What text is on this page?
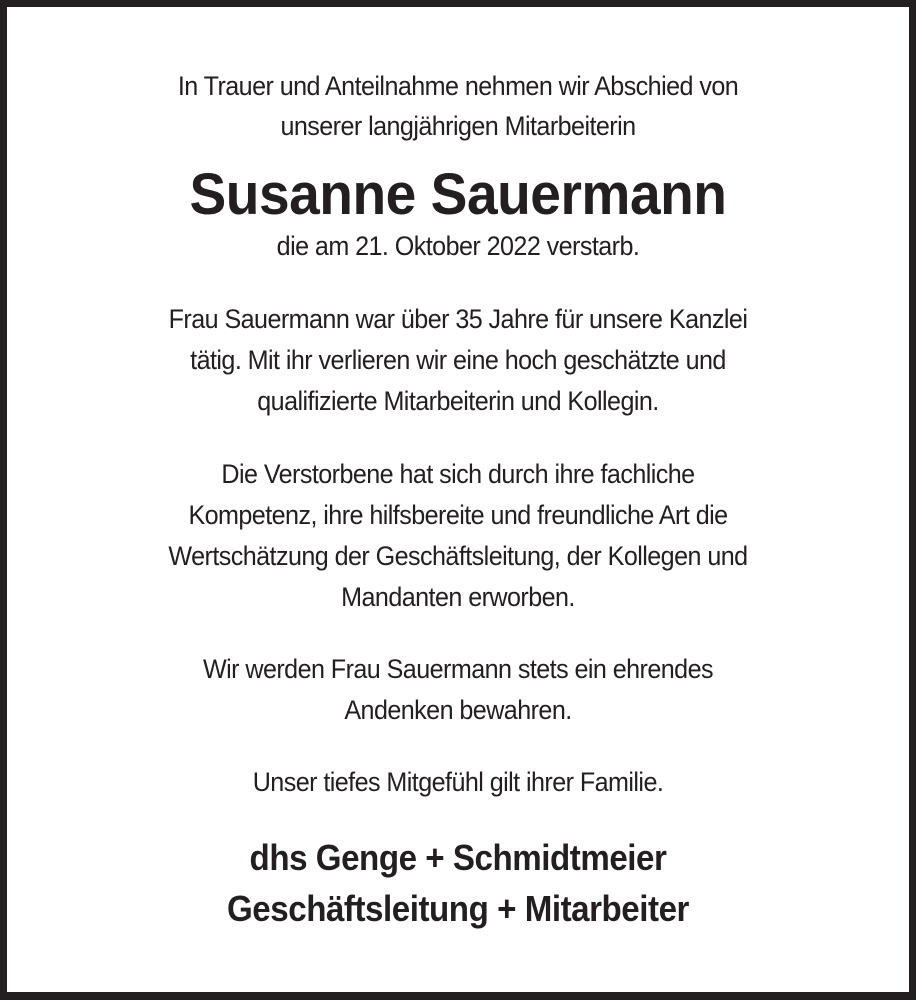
In Trauer und Anteilnahme nehmen wir Abschied von
unserer langjährigen Mitarbeiterin
Susanne Sauermann
die am 21. Oktober 2022 verstarb.
Frau Sauermann war über 35 Jahre für unsere Kanzlei
tätig. Mit ihr verlieren wir eine hoch geschätzte und
qualifizierte Mitarbeiterin und Kollegin.
Die Verstorbene hat sich durch ihre fachliche
Kompetenz, ihre hilfsbereite und freundliche Art die
Wertschätzung der Geschäftsleitung, der Kollegen und
Mandanten erworben.
Wir werden Frau Sauermann stets ein ehrendes
Andenken bewahren.
Unser tiefes Mitgefühl gilt ihrer Familie.
dhs Genge + Schmidtmeier
Geschäftsleitung + Mitarbeiter
